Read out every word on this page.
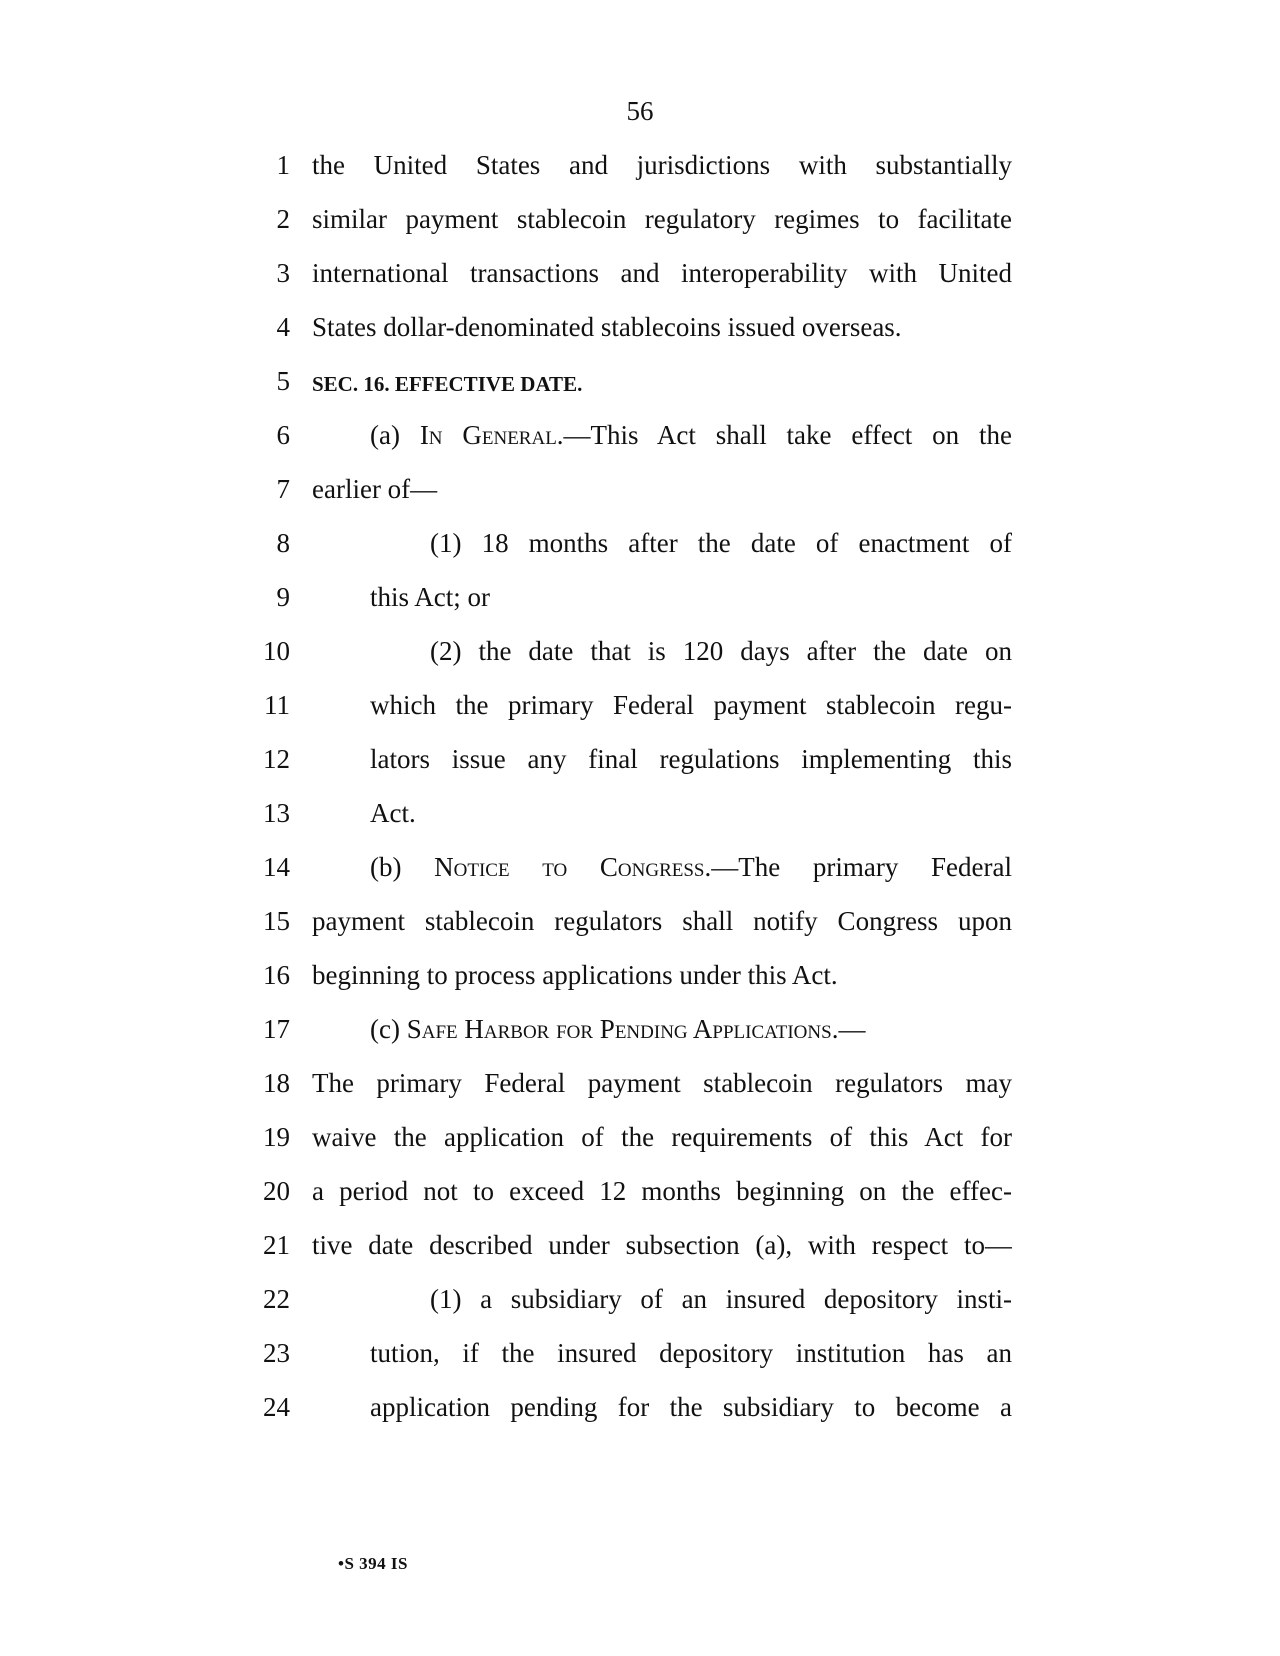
56
1 the United States and jurisdictions with substantially
2 similar payment stablecoin regulatory regimes to facilitate
3 international transactions and interoperability with United
4 States dollar-denominated stablecoins issued overseas.
5 SEC. 16. EFFECTIVE DATE.
6	(a) In General.—This Act shall take effect on the
7 earlier of—
8	(1) 18 months after the date of enactment of
9	this Act; or
10	(2) the date that is 120 days after the date on
11	which the primary Federal payment stablecoin regu-
12	lators issue any final regulations implementing this
13	Act.
14	(b) Notice to Congress.—The primary Federal
15 payment stablecoin regulators shall notify Congress upon
16 beginning to process applications under this Act.
17	(c) Safe Harbor for Pending Applications.—
18 The primary Federal payment stablecoin regulators may
19 waive the application of the requirements of this Act for
20 a period not to exceed 12 months beginning on the effec-
21 tive date described under subsection (a), with respect to—
22	(1) a subsidiary of an insured depository insti-
23	tution, if the insured depository institution has an
24	application pending for the subsidiary to become a
•S 394 IS
